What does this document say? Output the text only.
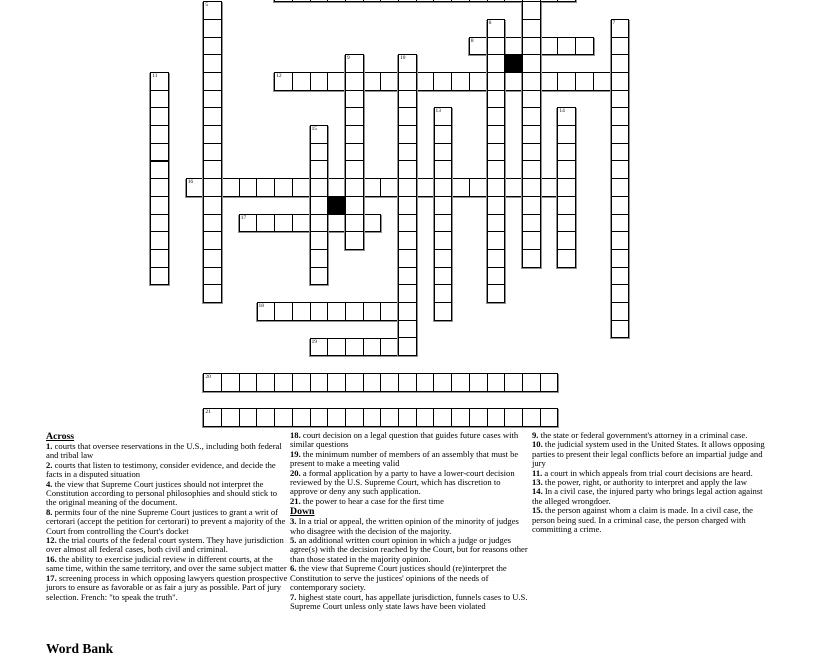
8
12
16
17
18
19
20
21
5
6	7
9	10
11
13	14
15

Across

1. courts that oversee reservations in the U.S., including both federal and tribal law

2. courts that listen to testimony, consider evidence, and decide the facts in a disputed situation

4. the view that Supreme Court justices should not interpret the Constitution according to personal philosophies and should stick to the original meaning of the document.

8. permits four of the nine Supreme Court justices to grant a writ of certorari (accept the petition for certorari) to prevent a majority of the Court from controlling the Court's docket

12. the trial courts of the federal court system. They have jurisdiction over almost all federal cases, both civil and criminal.

16. the ability to exercise judicial review in different courts, at the same time, within the same territory, and over the same subject matter

17. screening process in which opposing lawyers question prospective jurors to ensure as favorable or as fair a jury as possible. Part of jury selection. French: "to speak the truth".

18. court decision on a legal question that guides future cases with similar questions

19. the minimum number of members of an assembly that must be present to make a meeting valid

20. a formal application by a party to have a lower-court decision reviewed by the U.S. Supreme Court, which has discretion to approve or deny any such application.

21. the power to hear a case for the first time

Down

3. In a trial or appeal, the written opinion of the minority of judges who disagree with the decision of the majority.

5. an additional written court opinion in which a judge or judges agree(s) with the decision reached by the Court, but for reasons other than those stated in the majority opinion.

6. the view that Supreme Court justices should (re)interpret the Constitution to serve the justices' opinions of the needs of contemporary society.

7. highest state court, has appellate jurisdiction, funnels cases to U.S. Supreme Court unless only state laws have been violated

9. the state or federal government's attorney in a criminal case.

10. the judicial system used in the United States. It allows opposing parties to present their legal conflicts before an impartial judge and jury

11. a court in which appeals from trial court decisions are heard.

13. the power, right, or authority to interpret and apply the law

14. In a civil case, the injured party who brings legal action against the alleged wrongdoer.

15. the person against whom a claim is made. In a civil case, the person being sued. In a criminal case, the person charged with committing a crime.

Word Bank
